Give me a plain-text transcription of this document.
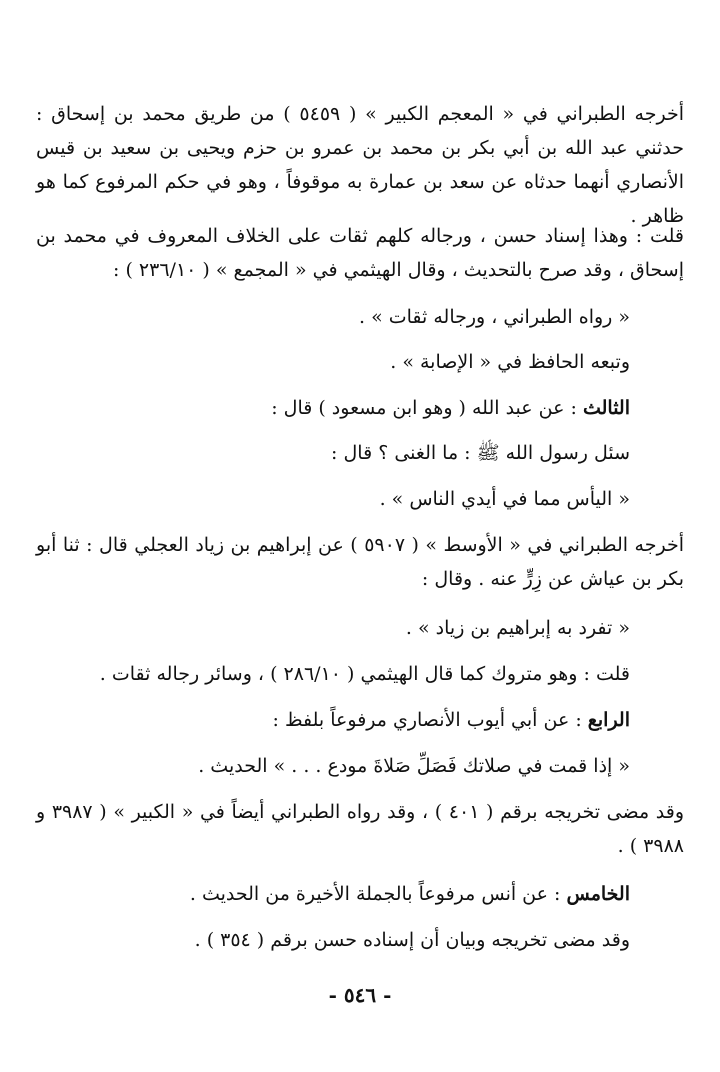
أخرجه الطبراني في « المعجم الكبير » ( ٥٤٥٩ ) من طريق محمد بن إسحاق : حدثني عبد الله بن أبي بكر بن محمد بن عمرو بن حزم ويحيى بن سعيد بن قيس الأنصاري أنهما حدثاه عن سعد بن عمارة به موقوفاً ، وهو في حكم المرفوع كما هو ظاهر .
قلت : وهذا إسناد حسن ، ورجاله كلهم ثقات على الخلاف المعروف في محمد بن إسحاق ، وقد صرح بالتحديث ، وقال الهيثمي في « المجمع » ( ٢٣٦/١٠ ) :
« رواه الطبراني ، ورجاله ثقات » .
وتبعه الحافظ في « الإصابة » .
الثالث : عن عبد الله ( وهو ابن مسعود ) قال :
سئل رسول الله ﷺ : ما الغنى ؟ قال :
« اليأس مما في أيدي الناس » .
أخرجه الطبراني في « الأوسط » ( ٥٩٠٧ ) عن إبراهيم بن زياد العجلي قال : ثنا أبو بكر بن عياش عن زِرٍّ عنه . وقال :
« تفرد به إبراهيم بن زياد » .
قلت : وهو متروك كما قال الهيثمي ( ٢٨٦/١٠ ) ، وسائر رجاله ثقات .
الرابع : عن أبي أيوب الأنصاري مرفوعاً بلفظ :
« إذا قمت في صلاتك فَصَلِّ صَلاةَ مودع . . . » الحديث .
وقد مضى تخريجه برقم ( ٤٠١ ) ، وقد رواه الطبراني أيضاً في « الكبير » ( ٣٩٨٧ و ٣٩٨٨ ) .
الخامس : عن أنس مرفوعاً بالجملة الأخيرة من الحديث .
وقد مضى تخريجه وبيان أن إسناده حسن برقم ( ٣٥٤ ) .
- ٥٤٦ -
